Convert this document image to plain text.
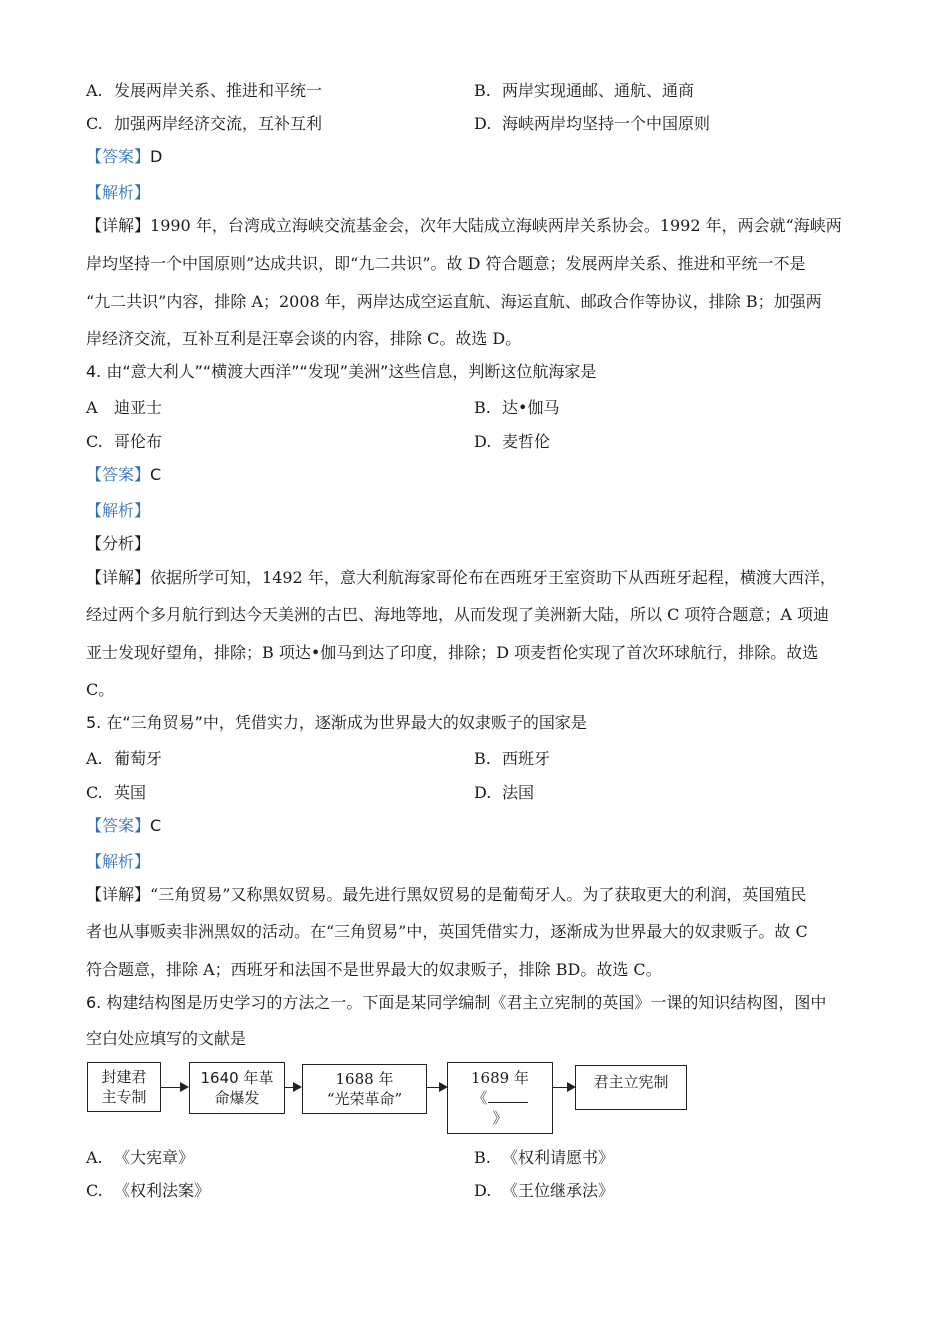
A. 发展两岸关系、推进和平统一	B. 两岸实现通邮、通航、通商
C. 加强两岸经济交流，互补互利	D. 海峡两岸均坚持一个中国原则
【答案】D
【解析】
【详解】1990 年，台湾成立海峡交流基金会，次年大陆成立海峡两岸关系协会。1992 年，两会就“海峡两
岸均坚持一个中国原则”达成共识，即“九二共识”。故 D 符合题意；发展两岸关系、推进和平统一不是
“九二共识”内容，排除 A；2008 年，两岸达成空运直航、海运直航、邮政合作等协议，排除 B；加强两
岸经济交流，互补互利是汪辜会谈的内容，排除 C。故选 D。
4. 由“意大利人”“横渡大西洋”“发现”美洲”这些信息，判断这位航海家是
A 迪亚士	B. 达•伽马
C. 哥伦布	D. 麦哲伦
【答案】C
【解析】
【分析】
【详解】依据所学可知，1492 年，意大利航海家哥伦布在西班牙王室资助下从西班牙起程，横渡大西洋，
经过两个多月航行到达今天美洲的古巴、海地等地，从而发现了美洲新大陆，所以 C 项符合题意；A 项迪
亚士发现好望角，排除；B 项达•伽马到达了印度，排除；D 项麦哲伦实现了首次环球航行，排除。故选
C。
5. 在“三角贸易”中，凭借实力，逐渐成为世界最大的奴隶贩子的国家是
A. 葡萄牙	B. 西班牙
C. 英国	D. 法国
【答案】C
【解析】
【详解】“三角贸易”又称黑奴贸易。最先进行黑奴贸易的是葡萄牙人。为了获取更大的利润，英国殖民
者也从事贩卖非洲黑奴的活动。在“三角贸易”中，英国凭借实力，逐渐成为世界最大的奴隶贩子。故 C
符合题意，排除 A；西班牙和法国不是世界最大的奴隶贩子，排除 BD。故选 C。
6. 构建结构图是历史学习的方法之一。下面是某同学编制《君主立宪制的英国》一课的知识结构图，图中
空白处应填写的文献是
封建君
主专制
1640 年革
命爆发
1688 年
“光荣革命”
1689 年
《
》
君主立宪制
A. 《大宪章》	B. 《权利请愿书》
C. 《权利法案》	D. 《王位继承法》
